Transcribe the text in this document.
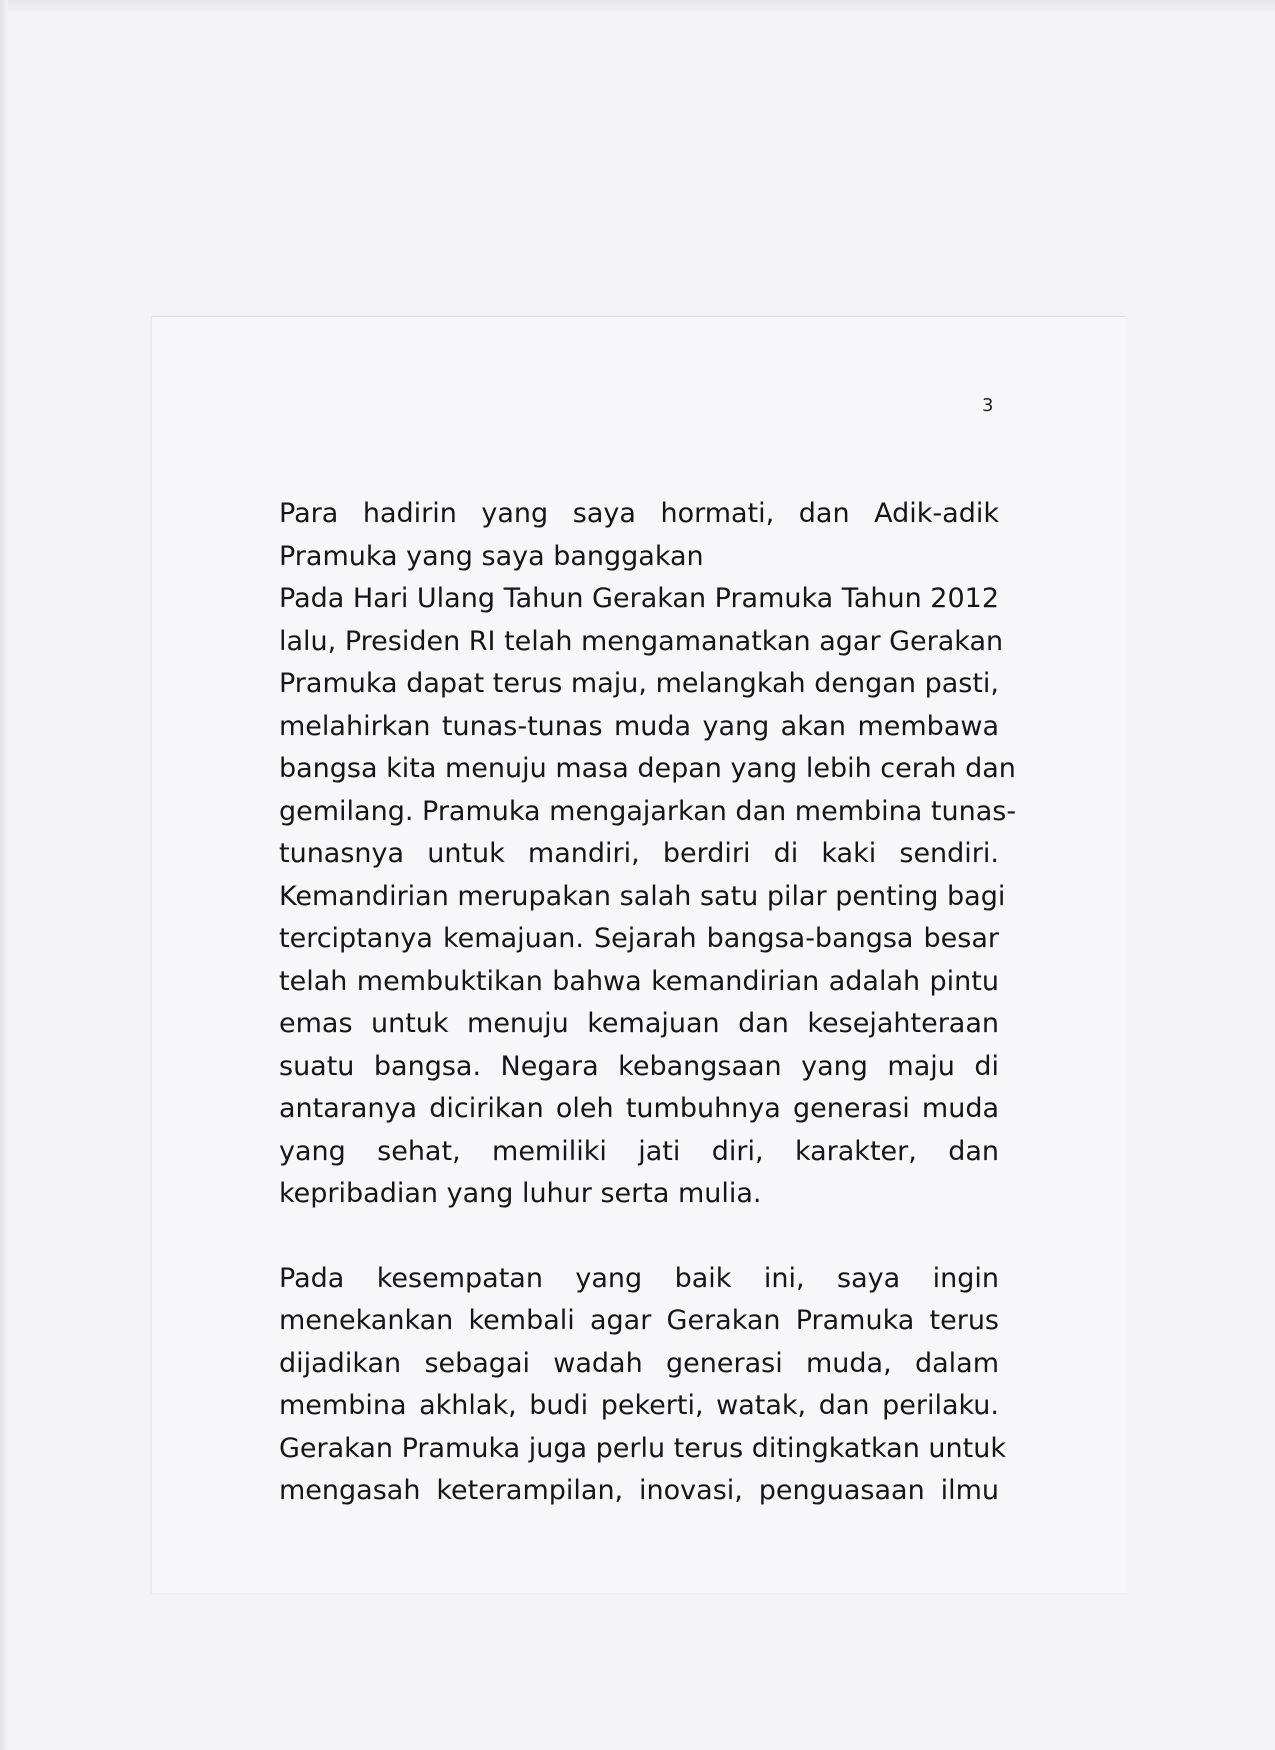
3

Para hadirin yang saya hormati, dan Adik-adik
Pramuka yang saya banggakan

Pada Hari Ulang Tahun Gerakan Pramuka Tahun 2012
lalu, Presiden RI telah mengamanatkan agar Gerakan
Pramuka dapat terus maju, melangkah dengan pasti,
melahirkan tunas-tunas muda yang akan membawa
bangsa kita menuju masa depan yang lebih cerah dan
gemilang. Pramuka mengajarkan dan membina tunas-
tunasnya untuk mandiri, berdiri di kaki sendiri.
Kemandirian merupakan salah satu pilar penting bagi
terciptanya kemajuan. Sejarah bangsa-bangsa besar
telah membuktikan bahwa kemandirian adalah pintu
emas untuk menuju kemajuan dan kesejahteraan
suatu bangsa. Negara kebangsaan yang maju di
antaranya dicirikan oleh tumbuhnya generasi muda
yang sehat, memiliki jati diri, karakter, dan
kepribadian yang luhur serta mulia.

Pada kesempatan yang baik ini, saya ingin
menekankan kembali agar Gerakan Pramuka terus
dijadikan sebagai wadah generasi muda, dalam
membina akhlak, budi pekerti, watak, dan perilaku.
Gerakan Pramuka juga perlu terus ditingkatkan untuk
mengasah keterampilan, inovasi, penguasaan ilmu
